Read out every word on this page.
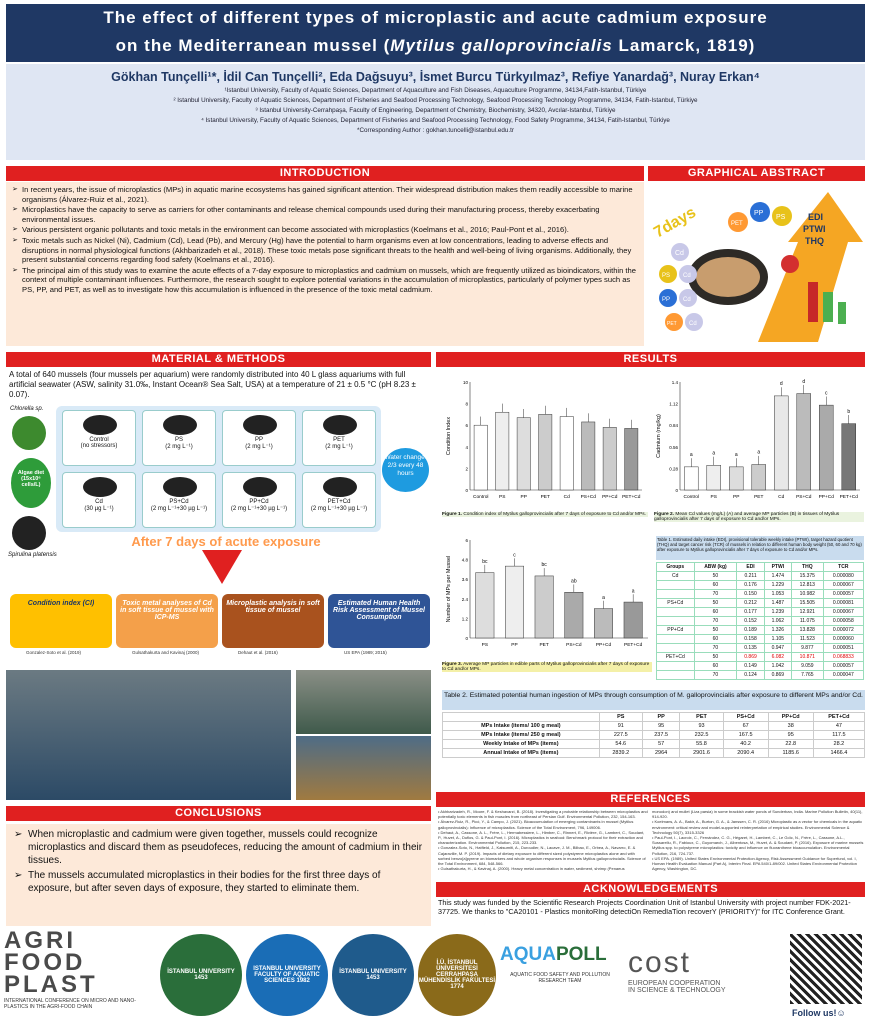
The effect of different types of microplastic and acute cadmium exposure
on the Mediterranean mussel (Mytilus galloprovincialis Lamarck, 1819)
Gökhan Tunçelli¹*, İdil Can Tunçelli², Eda Dağsuyu³, İsmet Burcu Türkyılmaz³, Refiye Yanardağ³, Nuray Erkan⁴
¹Istanbul University, Faculty of Aquatic Sciences, Department of Aquaculture and Fish Diseases, Aquaculture Programme, 34134,Fatih-Istanbul, Türkiye
² Istanbul University, Faculty of Aquatic Sciences, Department of Fisheries and Seafood Processing Technology, Seafood Processing Technology Programme, 34134, Fatih-Istanbul, Türkiye
³ Istanbul University-Cerrahpaşa, Faculty of Engineering, Department of Chemistry, Biochemistry, 34320, Avcılar-Istanbul, Türkiye
⁴ Istanbul University, Faculty of Aquatic Sciences, Department of Fisheries and Seafood Processing Technology, Food Safety Programme, 34134, Fatih-Istanbul, Türkiye
*Corresponding Author : gokhan.tuncelli@istanbul.edu.tr
INTRODUCTION
➢ In recent years, the issue of microplastics (MPs) in aquatic marine ecosystems has gained significant attention. Their widespread distribution makes them readily accessible to marine organisms (Álvarez-Ruiz et al., 2021).
➢ Microplastics have the capacity to serve as carriers for other contaminants and release chemical compounds used during their manufacturing process, thereby exacerbating environmental issues.
➢ Various persistent organic pollutants and toxic metals in the environment can become associated with microplastics (Koelmans et al., 2016; Paul-Pont et al., 2016).
➢ Toxic metals such as Nickel (Ni), Cadmium (Cd), Lead (Pb), and Mercury (Hg) have the potential to harm organisms even at low concentrations, leading to adverse effects and disruptions in normal physiological functions (Akhbarizadeh et al., 2018). These toxic metals pose significant threats to the health and well-being of living organisms. Additionally, they present substantial concerns regarding food safety (Koelmans et al., 2016).
➢ The principal aim of this study was to examine the acute effects of a 7-day exposure to microplastics and cadmium on mussels, which are frequently utilized as bioindicators, within the context of multiple contaminant influences. Furthermore, the research sought to explore potential variations in the accumulation of microplastics, particularly of polymer types such as PS, PP, and PET, as well as to investigate how this accumulation is influenced in the presence of the toxic metal cadmium.
GRAPHICAL ABSTRACT
7days	PET
PP
PS
Cd
PS Cd
PP Cd
PET Cd
EDI
PTWI
THQ
MATERIAL & METHODS
A total of 640 mussels (four mussels per aquarium) were randomly distributed into 40 L glass aquariums with full artificial seawater (ASW, salinity 31.0‰, Instant Ocean® Sea Salt, USA) at a temperature of 21 ± 0.5 °C (pH 8.23 ± 0.07).
Chlorella sp.
Algae diet (15x10⁶ cells/L)
Spirulina platensis
Control
(no stressors)
PS
(2 mg L⁻¹)
PP
(2 mg L⁻¹)
PET
(2 mg L⁻¹)
Cd
(30 µg L⁻¹)
PS+Cd
(2 mg L⁻¹+30 µg L⁻¹)
PP+Cd
(2 mg L⁻¹+30 µg L⁻¹)
PET+Cd
(2 mg L⁻¹+30 µg L⁻¹)
Water change: 2/3 every 48 hours
After 7 days of acute exposure
Condition index (CI)
Gonzalez-Soto et al. (2019)
Toxic metal analyses of Cd in soft tissue of mussel with ICP-MS
Gulsathakurta and Kavinaj (2000)
Microplastic analysis in soft tissue of mussel
Dehaut et al. (2016)
Estimated Human Health Risk Assessment of Mussel Consumption
US EPA (1989; 2015)
CONCLUSIONS
➢ When microplastic and cadmium were given together, mussels could recognize microplastics and discard them as pseudofeces, reducing the amount of cadmium in their tissues.
➢ The mussels accumulated microplastics in their bodies for the first three days of exposure, but after seven days of exposure, they started to eliminate them.
RESULTS
Condition Index
0
2
4
6
8
10
Control PS	PP	PET	Cd PS+Cd PP+Cd PET+Cd
Figure 1. Condition index of Mytilus galloprovincialis after 7 days of exposure to Cd and/or MPs.
Cadmium (mg/kg)
0
0.28
0.56
0.84
1.12
1.4
Control
a
PS
a
PP
a
PET
a
Cd
d
PS+Cd
d
PP+Cd
c
PET+Cd
b
Figure 2. Mean Cd values (mg/L) (A) and average MP particles (B) in tissues of Mytilus galloprovincialis after 7 days of exposure to Cd and/or MPs.
Number of MPs per Mussel
0
1.2
2.4
3.6
4.8
6
PS
bc
PP
c
PET
bc
PS+Cd
ab
PP+Cd
a
PET+Cd
a
Figure 3. Average MP particles in edible parts of Mytilus galloprovincialis after 7 days of exposure to Cd and/or MPs.
Table 1. Estimated daily intake (EDI), provisional tolerable weekly intake (PTWI), target hazard quotient (THQ) and target cancer risk (TCR) of mussels in relation to different human body weight (50, 60 and 70 kg) after exposure to Mytilus galloprovincialis after 7 days of exposure to Cd and/or MPs.
Groups	ABW (kg)	EDI	PTWI	THQ	TCR
Cd	50	0.211	1.474	15.375	0.000080
	60	0.176	1.229	12.813	0.000067
	70	0.150	1.053	10.982	0.000057
PS+Cd	50	0.212	1.487	15.505	0.000081
	60	0.177	1.239	12.921	0.000067
	70	0.152	1.062	11.075	0.000058
PP+Cd	50	0.189	1.326	13.828	0.000072
	60	0.158	1.105	11.523	0.000060
	70	0.135	0.947	9.877	0.000051
PET+Cd	50	0.869	6.082	10.871	0.068833
	60	0.149	1.042	9.059	0.000057
	70	0.124	0.869	7.765	0.000047
Table 2. Estimated potential human ingestion of MPs through consumption of M. galloprovincialis after exposure to different MPs and/or Cd.
	PS	PP	PET	PS+Cd	PP+Cd	PET+Cd
MPs Intake (items/ 100 g meal)	91	95	93	67	38	47
MPs Intake (items/ 250 g meal)	227.5	237.5	232.5	167.5	95	117.5
Weekly Intake of MPs (items)	54.6	57	55.8	40.2	22.8	28.2
Annual Intake of MPs (items)	2839.2	2964	2901.6	2090.4	1185.6	1466.4
REFERENCES
• Akhbarizadeh, R., Moore, F. & Keshavarzi, B. (2018). Investigating a probable relationship between microplastics and potentially toxic elements in fish muscles from northeast of Persian Gulf. Environmental Pollution, 232, 154-163.
• Álvarez-Ruiz, R., Picó, Y., & Campo, J. (2021). Bioaccumulation of emerging contaminants in mussel (Mytilus galloprovincialis): Influence of microplastics. Science of the Total Environment, 796, 149006.
• Dehaut, A., Cassone, A. L., Frère, L., Hermabessiere, L., Himber, C., Rinnert, E., Rivière, G., Lambert, C., Soudant, P., Huvet, A., Duflos, G. & Paul-Pont, I. (2016). Microplastics in seafood: Benchmark protocol for their extraction and characterization. Environmental Pollution, 215, 223-233.
• Gonzalez-Soto, N., Hatfield, J., Katsumiti, A., Duroudier, N., Lacave, J. M., Bilbao, E., Orbea, A., Navarro, E. & Cajaraville, M. P. (2019). Impacts of dietary exposure to different sized polystyrene microplastics alone and with sorbed benzo[a]pyrene on biomarkers and whole organism responses in mussels Mytilus galloprovincialis. Science of the Total Environment, 684, 548-566.
• Gulsathakurta, H., & Kavinaj, A. (2000). Heavy metal concentration in water, sediment, shrimp (Penaeus
monodon) and mullet (Liza parsia) in some brackish water ponds of Sunderban, India. Marine Pollution Bulletin, 40(11), 914-920.
• Koelmans, A. A., Bakir, A., Burton, G. A., & Janssen, C. R. (2016) Microplastic as a vector for chemicals in the aquatic environment: critical review and model-supported reinterpretation of empirical studies. Environmental Science & Technology 50(7), 3315-3326
• Paul-Pont, I., Lacroix, C., Fernández, C. G., Hégaret, H., Lambert, C., Le Goïc, N., Frère, L., Cassone, A.L., Sussarellu, R., Fabioux, C., Guyomarch, J., Albentosa, M., Huvet, A. & Soudant, P. (2016). Exposure of marine mussels Mytilus spp. to polystyrene microplastics: toxicity and influence on fluoranthene bioaccumulation. Environmental Pollution, 216, 724-737.
• US EPA. (1989). United States Environmental Protection Agency, Risk Assessment Guidance for Superfund, vol. I, Human Health Evaluation Manual (Part A), Interim Final. EPA 540/1-89/002. United States Environmental Protection Agency, Washington, DC.
ACKNOWLEDGEMENTS
This study was funded by the Scientific Research Projects Coordination Unit of Istanbul University with project number FDK-2021-37725. We thanks to "CA20101 - Plastics monitoRIng detectiOn RemedIaTion recoverY (PRIORITY)" for ITC Conference Grant.
AGRI
FOOD
PLAST
INTERNATIONAL CONFERENCE ON MICRO AND NANO-PLASTICS IN THE AGRI-FOOD CHAIN
İSTANBUL UNIVERSITY 1453
ISTANBUL UNIVERSITY FACULTY OF AQUATIC SCIENCES 1982
İSTANBUL UNIVERSITY 1453
İ.Ü. İSTANBUL ÜNİVERSİTESİ CERRAHPAŞA MÜHENDİSLİK FAKÜLTESİ 1774
AQUAPOLL
AQUATIC FOOD SAFETY AND POLLUTION RESEARCH TEAM
cost
EUROPEAN COOPERATION
IN SCIENCE & TECHNOLOGY
Follow us!☺
